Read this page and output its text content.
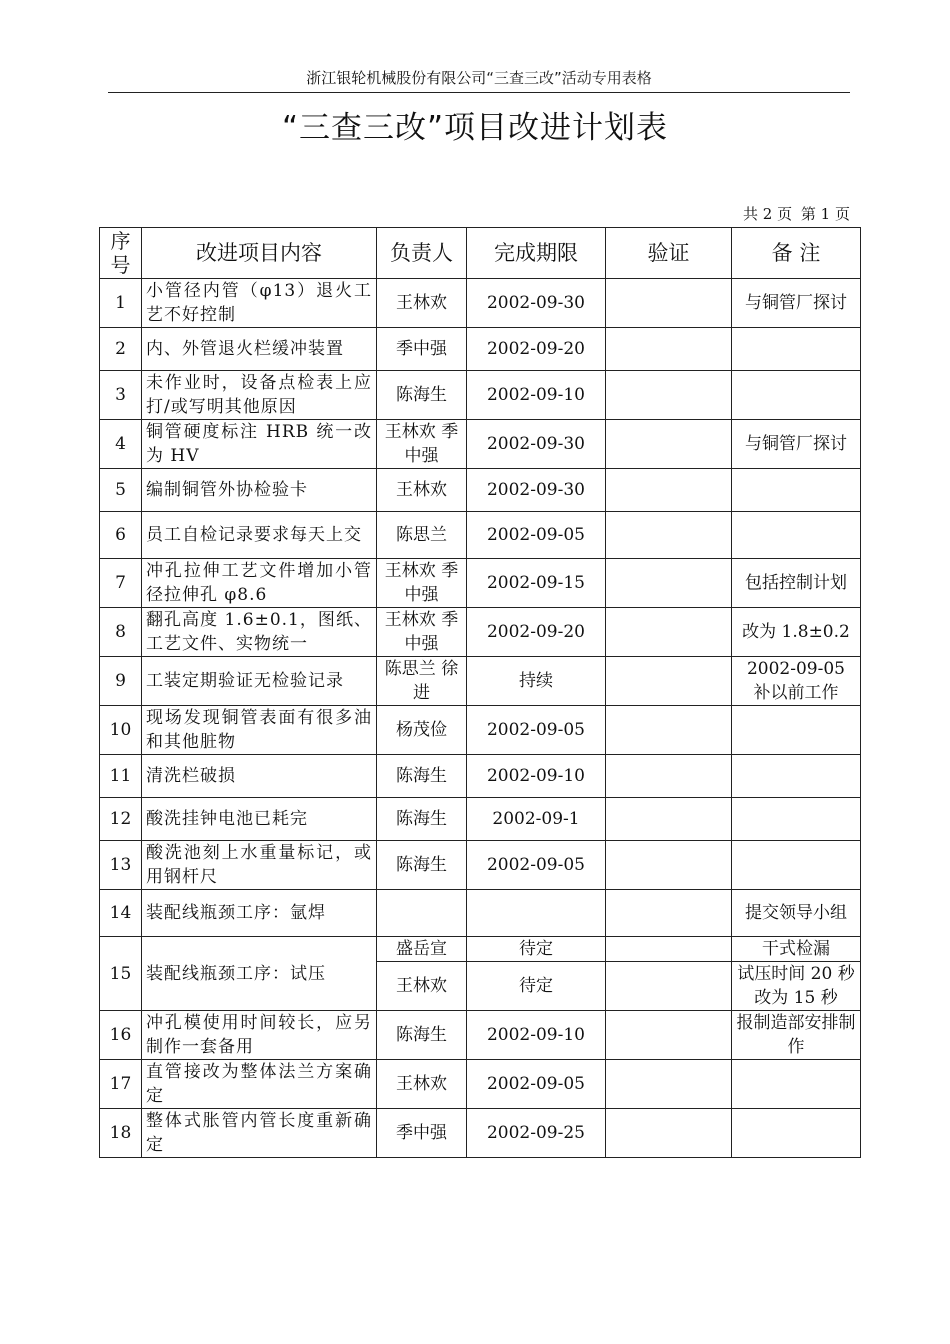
浙江银轮机械股份有限公司“三查三改”活动专用表格
“三查三改”项目改进计划表
共 2 页 第 1 页
序
号	改进项目内容	负责人	完成期限	验证	备 注
1	小管径内管（φ13）退火工艺不好控制	王林欢	2002-09-30		与铜管厂探讨
2	内、外管退火栏缓冲装置	季中强	2002-09-20		
3	未作业时，设备点检表上应打/或写明其他原因	陈海生	2002-09-10		
4	铜管硬度标注 HRB 统一改为 HV	王林欢 季中强	2002-09-30		与铜管厂探讨
5	编制铜管外协检验卡	王林欢	2002-09-30		
6	员工自检记录要求每天上交	陈思兰	2002-09-05		
7	冲孔拉伸工艺文件增加小管径拉伸孔 φ8.6	王林欢 季中强	2002-09-15		包括控制计划
8	翻孔高度 1.6±0.1，图纸、工艺文件、实物统一	王林欢 季中强	2002-09-20		改为 1.8±0.2
9	工装定期验证无检验记录	陈思兰 徐 进	持续		2002-09-05 补以前工作
10	现场发现铜管表面有很多油和其他脏物	杨茂俭	2002-09-05		
11	清洗栏破损	陈海生	2002-09-10		
12	酸洗挂钟电池已耗完	陈海生	2002-09-1		
13	酸洗池刻上水重量标记，或用钢杆尺	陈海生	2002-09-05		
14	装配线瓶颈工序：氩焊				提交领导小组
15	装配线瓶颈工序：试压	盛岳宣	待定		干式检漏
		王林欢	待定		试压时间 20 秒改为 15 秒
16	冲孔模使用时间较长，应另制作一套备用	陈海生	2002-09-10		报制造部安排制作
17	直管接改为整体法兰方案确定	王林欢	2002-09-05		
18	整体式胀管内管长度重新确定	季中强	2002-09-25		
